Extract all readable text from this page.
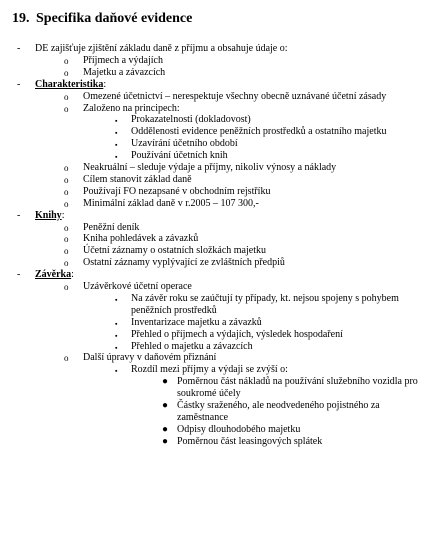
19. Specifika daňové evidence
- DE zajišťuje zjištění základu daně z příjmu a obsahuje údaje o:
o Příjmech a výdajích
o Majetku a závazcích
- Charakteristika:
o Omezené účetnictví – nerespektuje všechny obecně uznávané účetní zásady
o Založeno na principech:
▪ Prokazatelnosti (dokladovost)
▪ Oddělenosti evidence peněžních prostředků a ostatního majetku
▪ Uzavírání účetního období
▪ Používání účetních knih
o Neakruální – sleduje výdaje a příjmy, nikoliv výnosy a náklady
o Cílem stanovit základ daně
o Používají FO nezapsané v obchodním rejstříku
o Minimální základ daně v r.2005 – 107 300,-
- Knihy:
o Peněžní deník
o Kniha pohledávek a závazků
o Účetní záznamy o ostatních složkách majetku
o Ostatní záznamy vyplývající ze zvláštních předpiů
- Závěrka:
o Uzávěrkové účetní operace
▪ Na závěr roku se zaúčtují ty případy, kt. nejsou spojeny s pohybem
peněžních prostředků
▪ Inventarizace majetku a závazků
▪ Přehled o příjmech a výdajích, výsledek hospodaření
▪ Přehled o majetku a závazcích
o Další úpravy v daňovém přiznání
▪ Rozdíl mezi příjmy a výdaji se zvýší o:
● Poměrnou část nákladů na používání služebního vozidla pro
soukromé účely
● Částky sraženého, ale neodvedeného pojistného za
zaměstnance
● Odpisy dlouhodobého majetku
● Poměrnou část leasingových splátek
